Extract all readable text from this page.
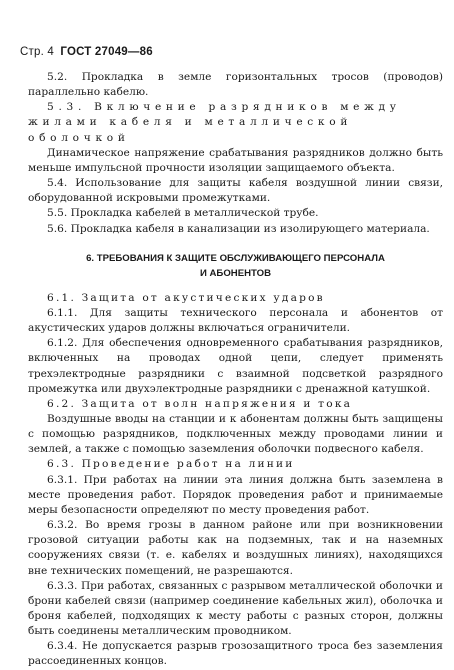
Стр. 4 ГОСТ 27049—86

5.2. Прокладка в земле горизонтальных тросов (проводов) параллельно кабелю.

5.3. Включение разрядников между жилами кабеля и металлической оболочкой

Динамическое напряжение срабатывания разрядников должно быть меньше импульсной прочности изоляции защищаемого объекта.

5.4. Использование для защиты кабеля воздушной линии связи, оборудованной искровыми промежутками.

5.5. Прокладка кабелей в металлической трубе.

5.6. Прокладка кабеля в канализации из изолирующего материала.

6. ТРЕБОВАНИЯ К ЗАЩИТЕ ОБСЛУЖИВАЮЩЕГО ПЕРСОНАЛА
И АБОНЕНТОВ

6.1. Защита от акустических ударов

6.1.1. Для защиты технического персонала и абонентов от акустических ударов должны включаться ограничители.

6.1.2. Для обеспечения одновременного срабатывания разрядников, включенных на проводах одной цепи, следует применять трехэлектродные разрядники с взаимной подсветкой разрядного промежутка или двухэлектродные разрядники с дренажной катушкой.

6.2. Защита от волн напряжения и тока

Воздушные вводы на станции и к абонентам должны быть защищены с помощью разрядников, подключенных между проводами линии и землей, а также с помощью заземления оболочки подвесного кабеля.

6.3. Проведение работ на линии

6.3.1. При работах на линии эта линия должна быть заземлена в месте проведения работ. Порядок проведения работ и принимаемые меры безопасности определяют по месту проведения работ.

6.3.2. Во время грозы в данном районе или при возникновении грозовой ситуации работы как на подземных, так и на наземных сооружениях связи (т. е. кабелях и воздушных линиях), находящихся вне технических помещений, не разрешаются.

6.3.3. При работах, связанных с разрывом металлической оболочки и брони кабелей связи (например соединение кабельных жил), оболочка и броня кабелей, подходящих к месту работы с разных сторон, должны быть соединены металлическим проводником.

6.3.4. Не допускается разрыв грозозащитного троса без заземления рассоединенных концов.
